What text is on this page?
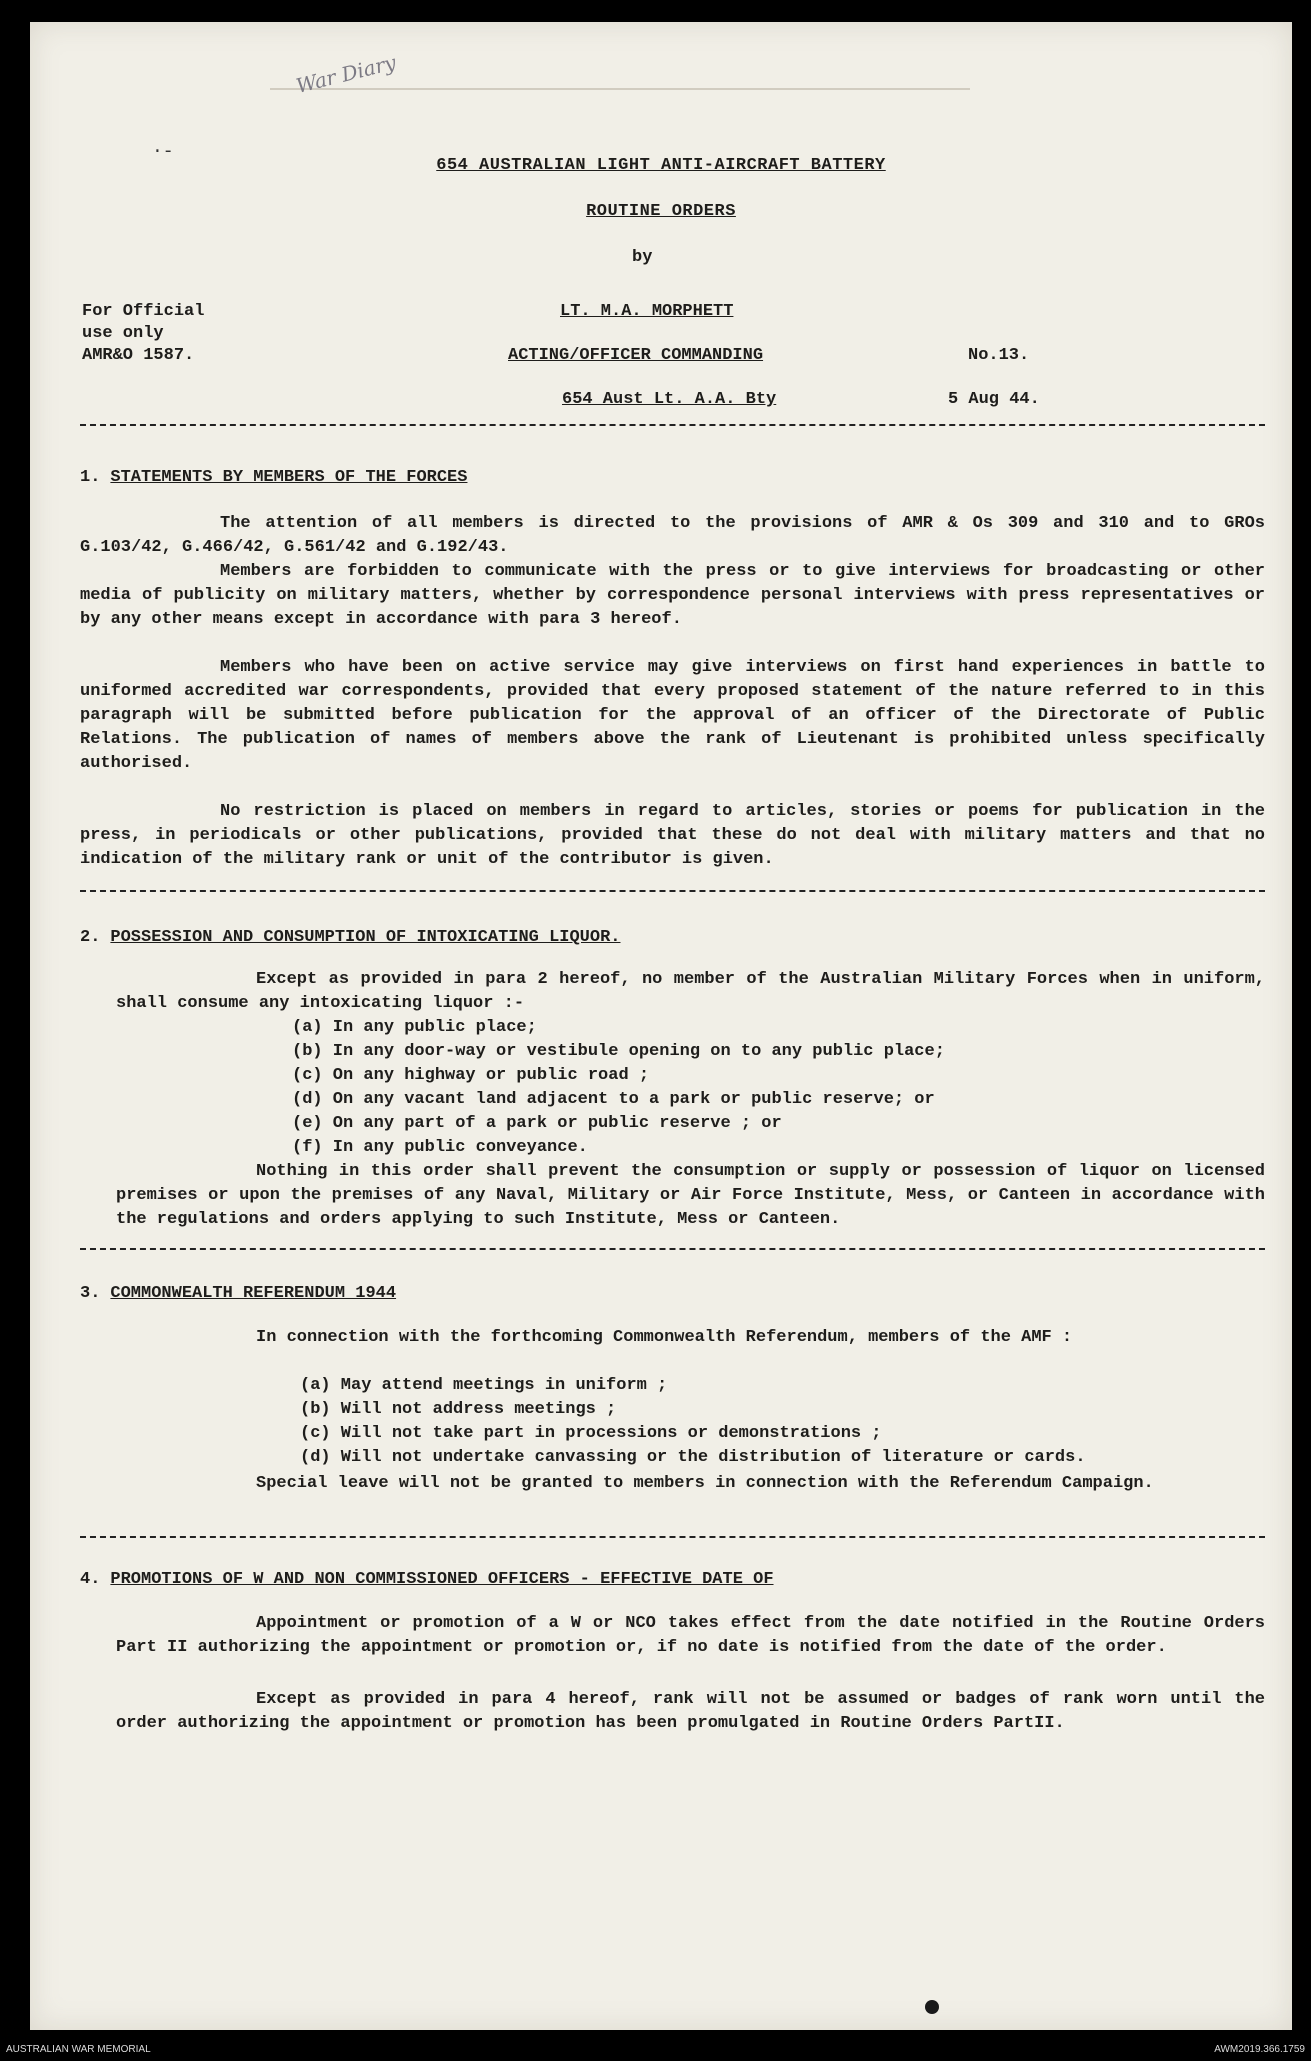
War Diary
·-
654 AUSTRALIAN LIGHT ANTI-AIRCRAFT BATTERY
ROUTINE ORDERS
by
For Official
use only
AMR&O 1587.
LT. M.A. MORPHETT
ACTING/OFFICER COMMANDING
654 Aust Lt. A.A. Bty
No.13.
5 Aug 44.
1. STATEMENTS BY MEMBERS OF THE FORCES
The attention of all members is directed to the provisions of AMR & Os 309 and 310 and to GROs G.103/42, G.466/42, G.561/42 and G.192/43.
Members are forbidden to communicate with the press or to give interviews for broadcasting or other media of publicity on military matters, whether by correspondence personal interviews with press representatives or by any other means except in accordance with para 3 hereof.
Members who have been on active service may give interviews on first hand experiences in battle to uniformed accredited war correspondents, provided that every proposed statement of the nature referred to in this paragraph will be submitted before publication for the approval of an officer of the Directorate of Public Relations. The publication of names of members above the rank of Lieutenant is prohibited unless specifically authorised.
No restriction is placed on members in regard to articles, stories or poems for publication in the press, in periodicals or other publications, provided that these do not deal with military matters and that no indication of the military rank or unit of the contributor is given.
2. POSSESSION AND CONSUMPTION OF INTOXICATING LIQUOR.
Except as provided in para 2 hereof, no member of the Australian Military Forces when in uniform, shall consume any intoxicating liquor :-
(a) In any public place;
(b) In any door-way or vestibule opening on to any public place;
(c) On any highway or public road ;
(d) On any vacant land adjacent to a park or public reserve; or
(e) On any part of a park or public reserve ; or
(f) In any public conveyance.
Nothing in this order shall prevent the consumption or supply or possession of liquor on licensed premises or upon the premises of any Naval, Military or Air Force Institute, Mess, or Canteen in accordance with the regulations and orders applying to such Institute, Mess or Canteen.
3. COMMONWEALTH REFERENDUM 1944
In connection with the forthcoming Commonwealth Referendum, members of the AMF :
(a) May attend meetings in uniform ;
(b) Will not address meetings ;
(c) Will not take part in processions or demonstrations ;
(d) Will not undertake canvassing or the distribution of literature or cards.
Special leave will not be granted to members in connection with the Referendum Campaign.
4. PROMOTIONS OF W AND NON COMMISSIONED OFFICERS - EFFECTIVE DATE OF
Appointment or promotion of a W or NCO takes effect from the date notified in the Routine Orders Part II authorizing the appointment or promotion or, if no date is notified from the date of the order.
Except as provided in para 4 hereof, rank will not be assumed or badges of rank worn until the order authorizing the appointment or promotion has been promulgated in Routine Orders PartII.
AUSTRALIAN WAR MEMORIAL	AWM2019.366.1759
